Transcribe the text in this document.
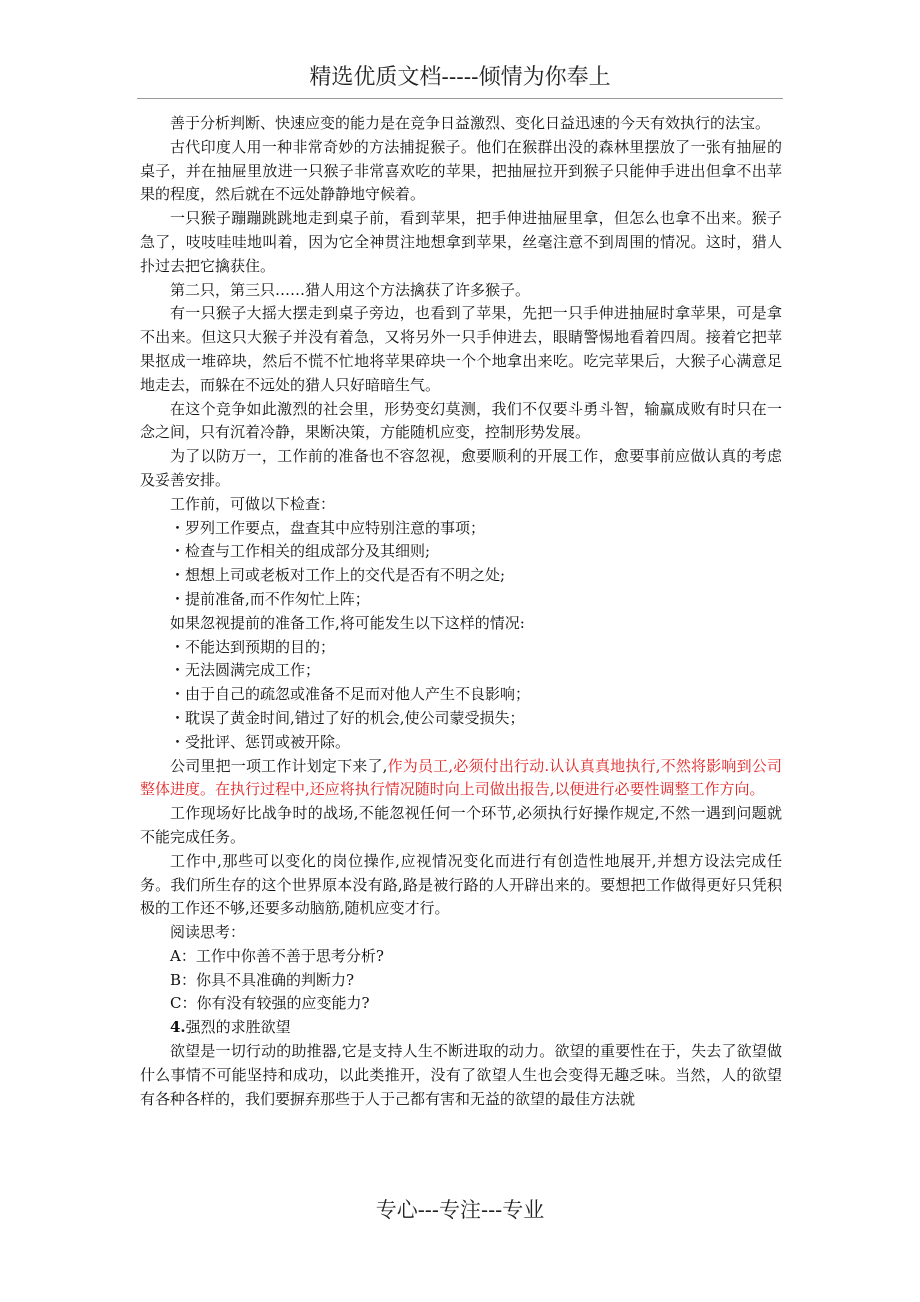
精选优质文档-----倾情为你奉上

善于分析判断、快速应变的能力是在竞争日益激烈、变化日益迅速的今天有效执行的法宝。

古代印度人用一种非常奇妙的方法捕捉猴子。他们在猴群出没的森林里摆放了一张有抽屉的桌子，并在抽屉里放进一只猴子非常喜欢吃的苹果，把抽屉拉开到猴子只能伸手进出但拿不出苹果的程度，然后就在不远处静静地守候着。

一只猴子蹦蹦跳跳地走到桌子前，看到苹果，把手伸进抽屉里拿，但怎么也拿不出来。猴子急了，吱吱哇哇地叫着，因为它全神贯注地想拿到苹果，丝毫注意不到周围的情况。这时，猎人扑过去把它擒获住。

第二只，第三只……猎人用这个方法擒获了许多猴子。

有一只猴子大摇大摆走到桌子旁边，也看到了苹果，先把一只手伸进抽屉时拿苹果，可是拿不出来。但这只大猴子并没有着急，又将另外一只手伸进去，眼睛警惕地看着四周。接着它把苹果抠成一堆碎块，然后不慌不忙地将苹果碎块一个个地拿出来吃。吃完苹果后，大猴子心满意足地走去，而躲在不远处的猎人只好暗暗生气。

在这个竞争如此激烈的社会里，形势变幻莫测，我们不仅要斗勇斗智，输赢成败有时只在一念之间，只有沉着冷静，果断决策，方能随机应变，控制形势发展。

为了以防万一，工作前的准备也不容忽视，愈要顺利的开展工作，愈要事前应做认真的考虑及妥善安排。

工作前，可做以下检查：

・罗列工作要点，盘查其中应特别注意的事项；

・检查与工作相关的组成部分及其细则;

・想想上司或老板对工作上的交代是否有不明之处;

・提前准备,而不作匆忙上阵；

如果忽视提前的准备工作,将可能发生以下这样的情况:

・不能达到预期的目的；

・无法圆满完成工作；

・由于自己的疏忽或准备不足而对他人产生不良影响；

・耽误了黄金时间,错过了好的机会,使公司蒙受损失；

・受批评、惩罚或被开除。

公司里把一项工作计划定下来了,作为员工,必须付出行动.认认真真地执行,不然将影响到公司整体进度。在执行过程中,还应将执行情况随时向上司做出报告,以便进行必要性调整工作方向。

工作现场好比战争时的战场,不能忽视任何一个环节,必须执行好操作规定,不然一遇到问题就不能完成任务。

工作中,那些可以变化的岗位操作,应视情况变化而进行有创造性地展开,并想方设法完成任务。我们所生存的这个世界原本没有路,路是被行路的人开辟出来的。要想把工作做得更好只凭积极的工作还不够,还要多动脑筋,随机应变才行。

阅读思考：

A：工作中你善不善于思考分析?

B：你具不具准确的判断力?

C：你有没有较强的应变能力?

4.强烈的求胜欲望

欲望是一切行动的助推器,它是支持人生不断进取的动力。欲望的重要性在于，失去了欲望做什么事情不可能坚持和成功，以此类推开，没有了欲望人生也会变得无趣乏味。当然，人的欲望有各种各样的，我们要摒弃那些于人于己都有害和无益的欲望的最佳方法就

专心---专注---专业
